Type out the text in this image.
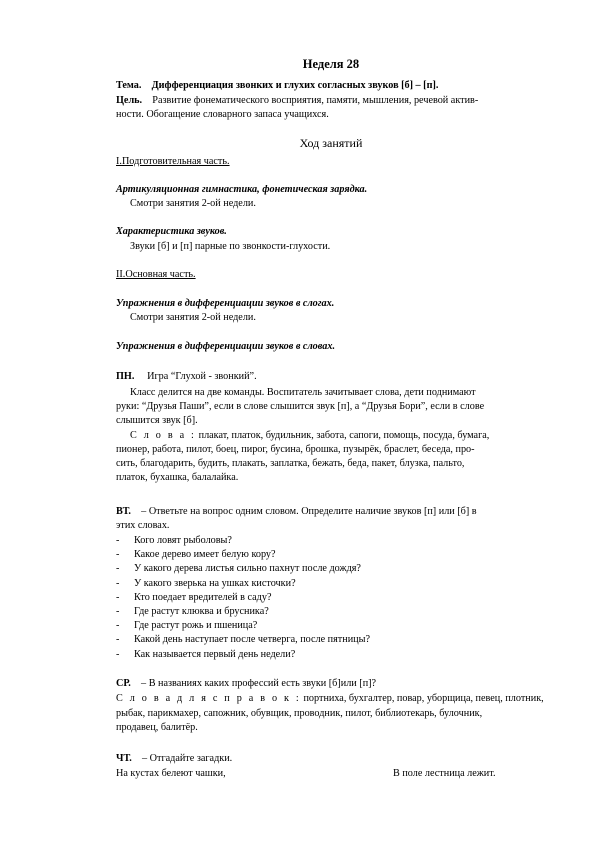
Неделя 28
Тема. Дифференциация звонких и глухих согласных звуков [б] – [п].
Цель. Развитие фонематического восприятия, памяти, мышления, речевой актив-
ности. Обогащение словарного запаса учащихся.
Ход занятий
I.Подготовительная часть.
Артикуляционная гимнастика, фонетическая зарядка.
Смотри занятия 2-ой недели.
Характеристика звуков.
Звуки [б] и [п] парные по звонкости-глухости.
II.Основная часть.
Упражнения в дифференциации звуков в слогах.
Смотри занятия 2-ой недели.
Упражнения в дифференциации звуков в словах.
ПН. Игра “Глухой - звонкий”.
Класс делится на две команды. Воспитатель зачитывает слова, дети поднимают
руки: “Друзья Паши”, если в слове слышится звук [п], а “Друзья Бори”, если в слове
слышится звук [б].
С л о в а : плакат, платок, будильник, забота, сапоги, помощь, посуда, бумага,
пионер, работа, пилот, боец, пирог, бусина, брошка, пузырёк, браслет, беседа, про-
сить, благодарить, будить, плакать, заплатка, бежать, беда, пакет, блузка, пальто,
платок, бухашка, балалайка.
ВТ. – Ответьте на вопрос одним словом. Определите наличие звуков [п] или [б] в
этих словах.
- Кого ловят рыболовы?
- Какое дерево имеет белую кору?
- У какого дерева листья сильно пахнут после дождя?
- У какого зверька на ушках кисточки?
- Кто поедает вредителей в саду?
- Где растут клюква и брусника?
- Где растут рожь и пшеница?
- Какой день наступает после четверга, после пятницы?
- Как называется первый день недели?
СР. – В названиях каких профессий есть звуки [б]или [п]?
С л о в а д л я с п р а в о к : портниха, бухгалтер, повар, уборщица, певец, плотник,
рыбак, парикмахер, сапожник, обувщик, проводник, пилот, библиотекарь, булочник,
продавец, балитёр.
ЧТ. – Отгадайте загадки.
На кустах белеют чашки,	В поле лестница лежит.
